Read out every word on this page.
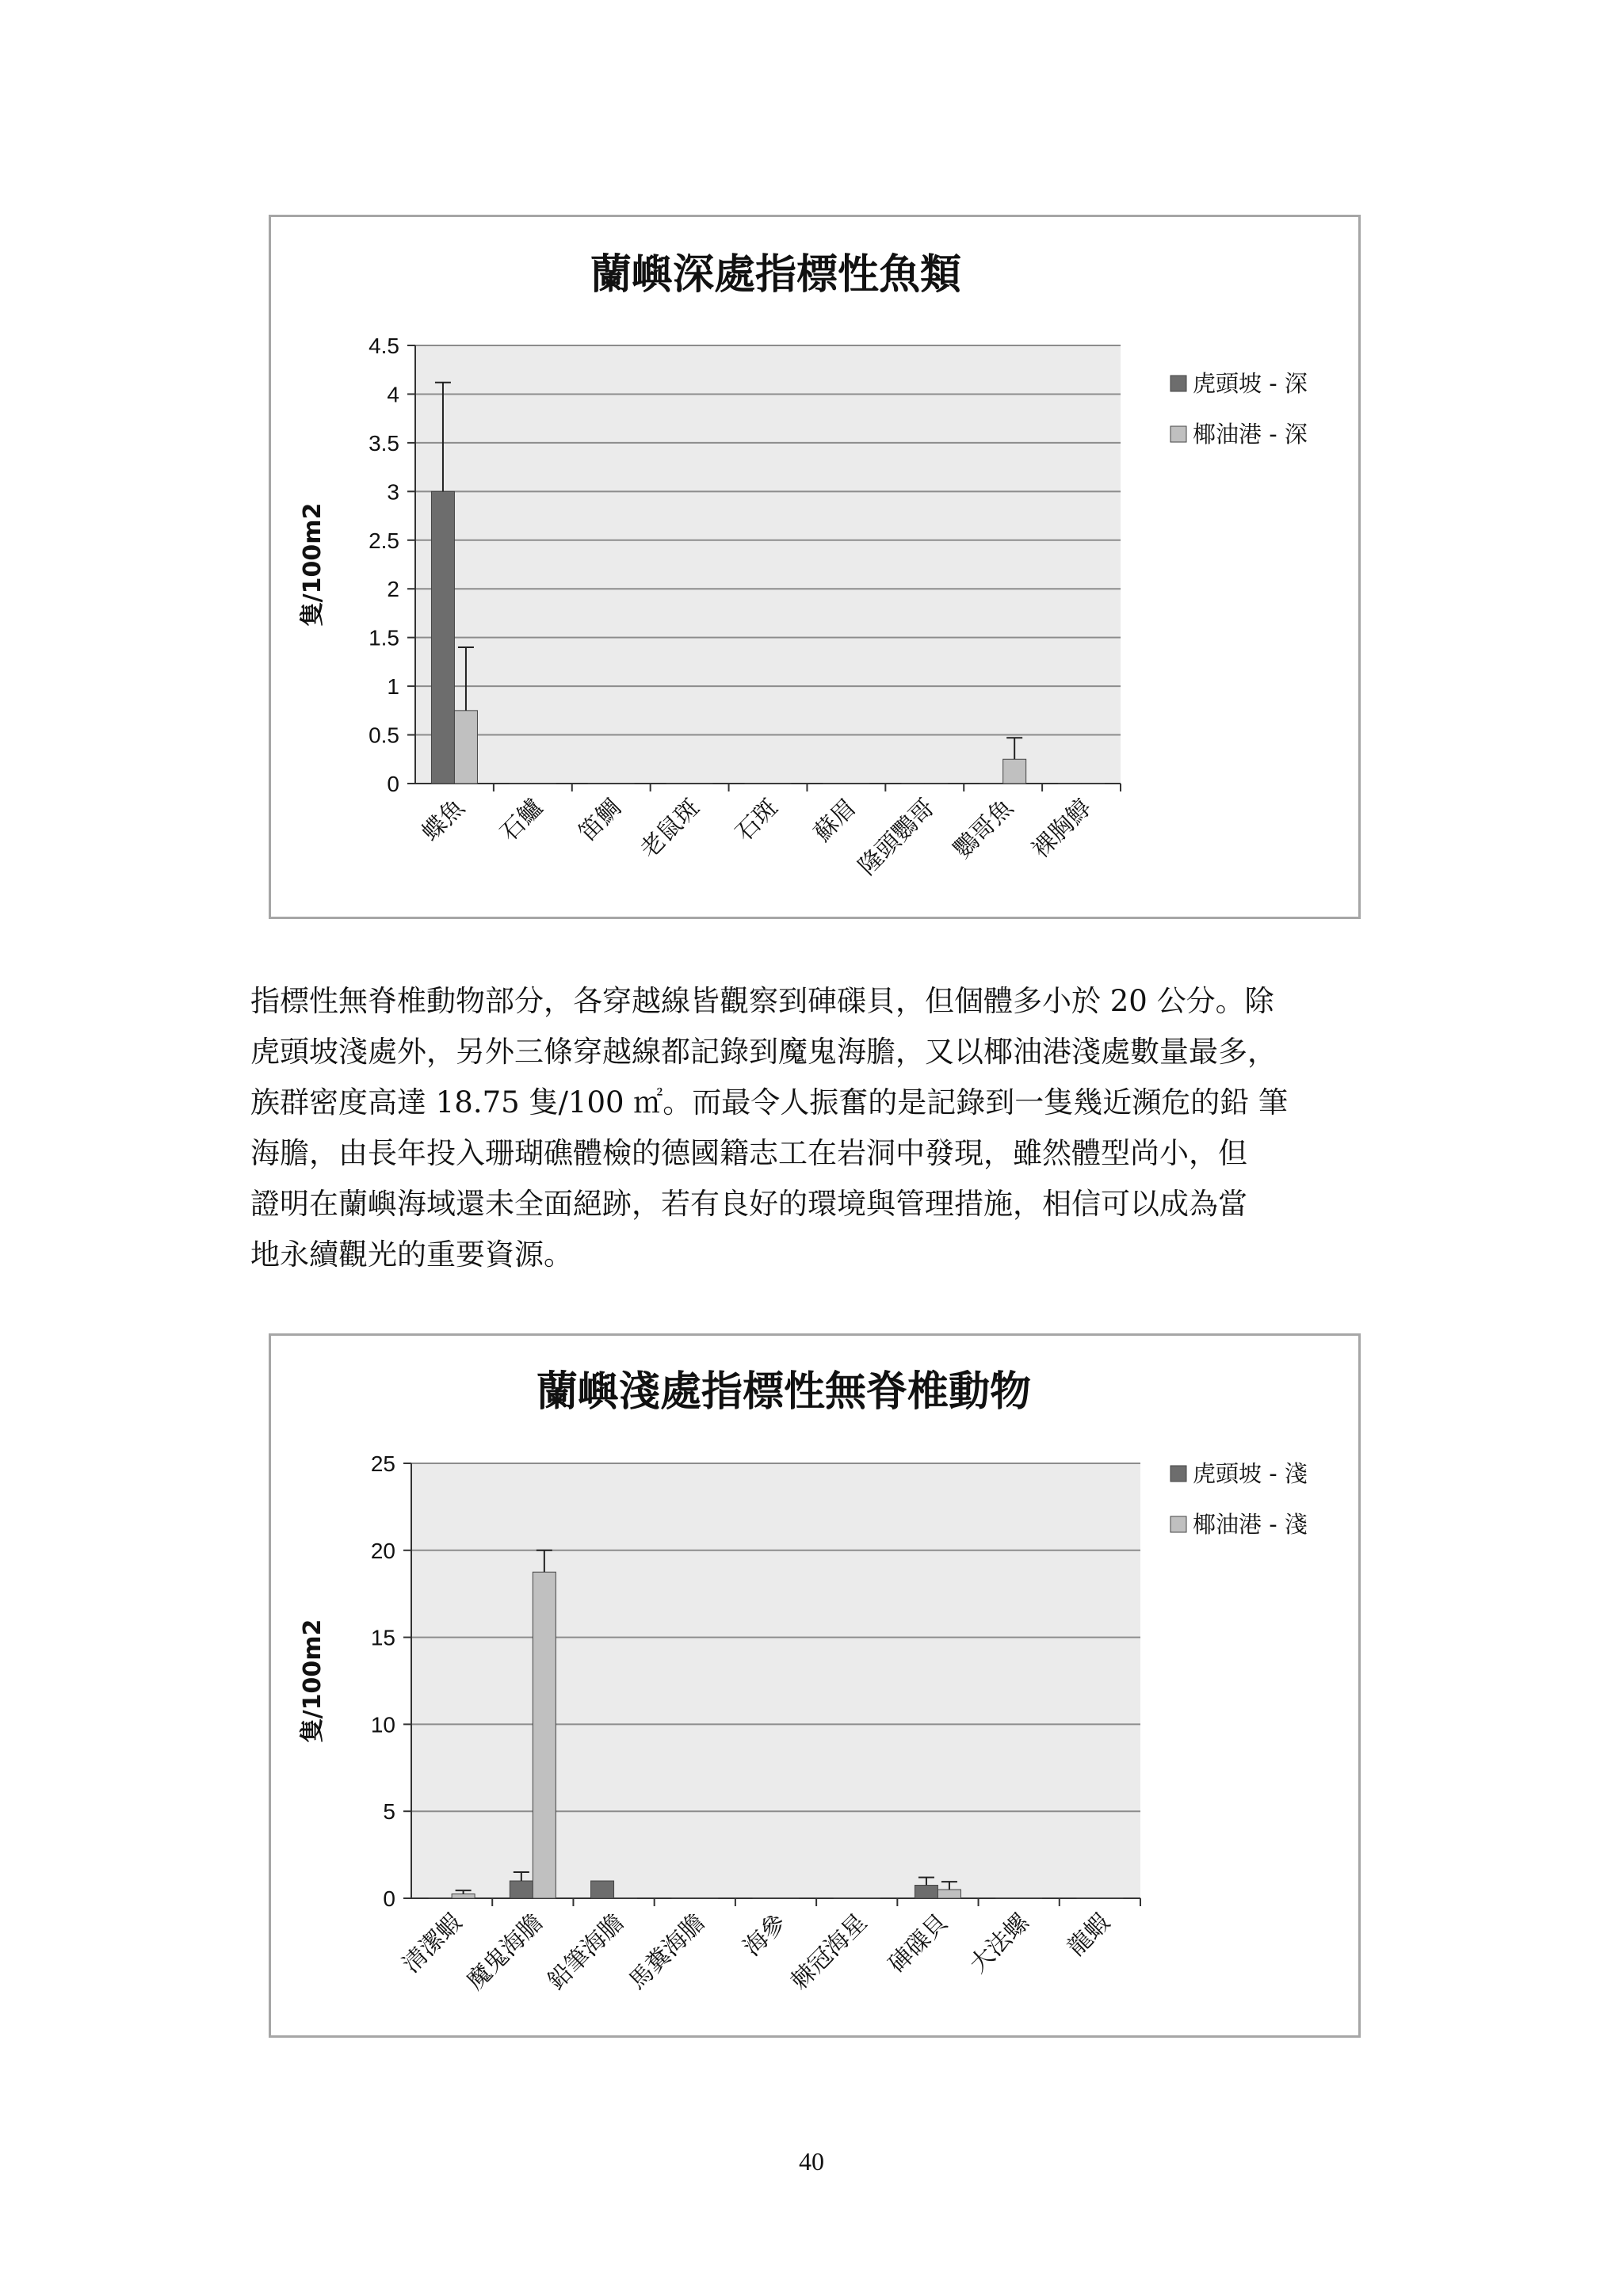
蘭嶼深處指標性魚類
0
0.5
1
1.5
2
2.5
3
3.5
4
4.5
隻/100m2
蝶魚 石鱸 笛鯛 老鼠斑 石斑 蘇眉
隆頭鸚哥 鸚哥魚 裸胸鯙
虎頭坡 - 深
椰油港 - 深
指標性無脊椎動物部分，各穿越線皆觀察到硨磲貝，但個體多小於 20 公分。除
虎頭坡淺處外，另外三條穿越線都記錄到魔鬼海膽，又以椰油港淺處數量最多，
族群密度高達 18.75 隻/100 ㎡。而最令人振奮的是記錄到一隻幾近瀕危的鉛 筆
海膽，由長年投入珊瑚礁體檢的德國籍志工在岩洞中發現，雖然體型尚小，但
證明在蘭嶼海域還未全面絕跡，若有良好的環境與管理措施，相信可以成為當
地永續觀光的重要資源。
蘭嶼淺處指標性無脊椎動物
0
5
10
15
20
25
隻/100m2
清潔蝦
魔鬼海膽
鉛筆海膽
馬糞海膽 海參
棘冠海星 硨磲貝 大法螺 龍蝦
虎頭坡 - 淺
椰油港 - 淺
40
